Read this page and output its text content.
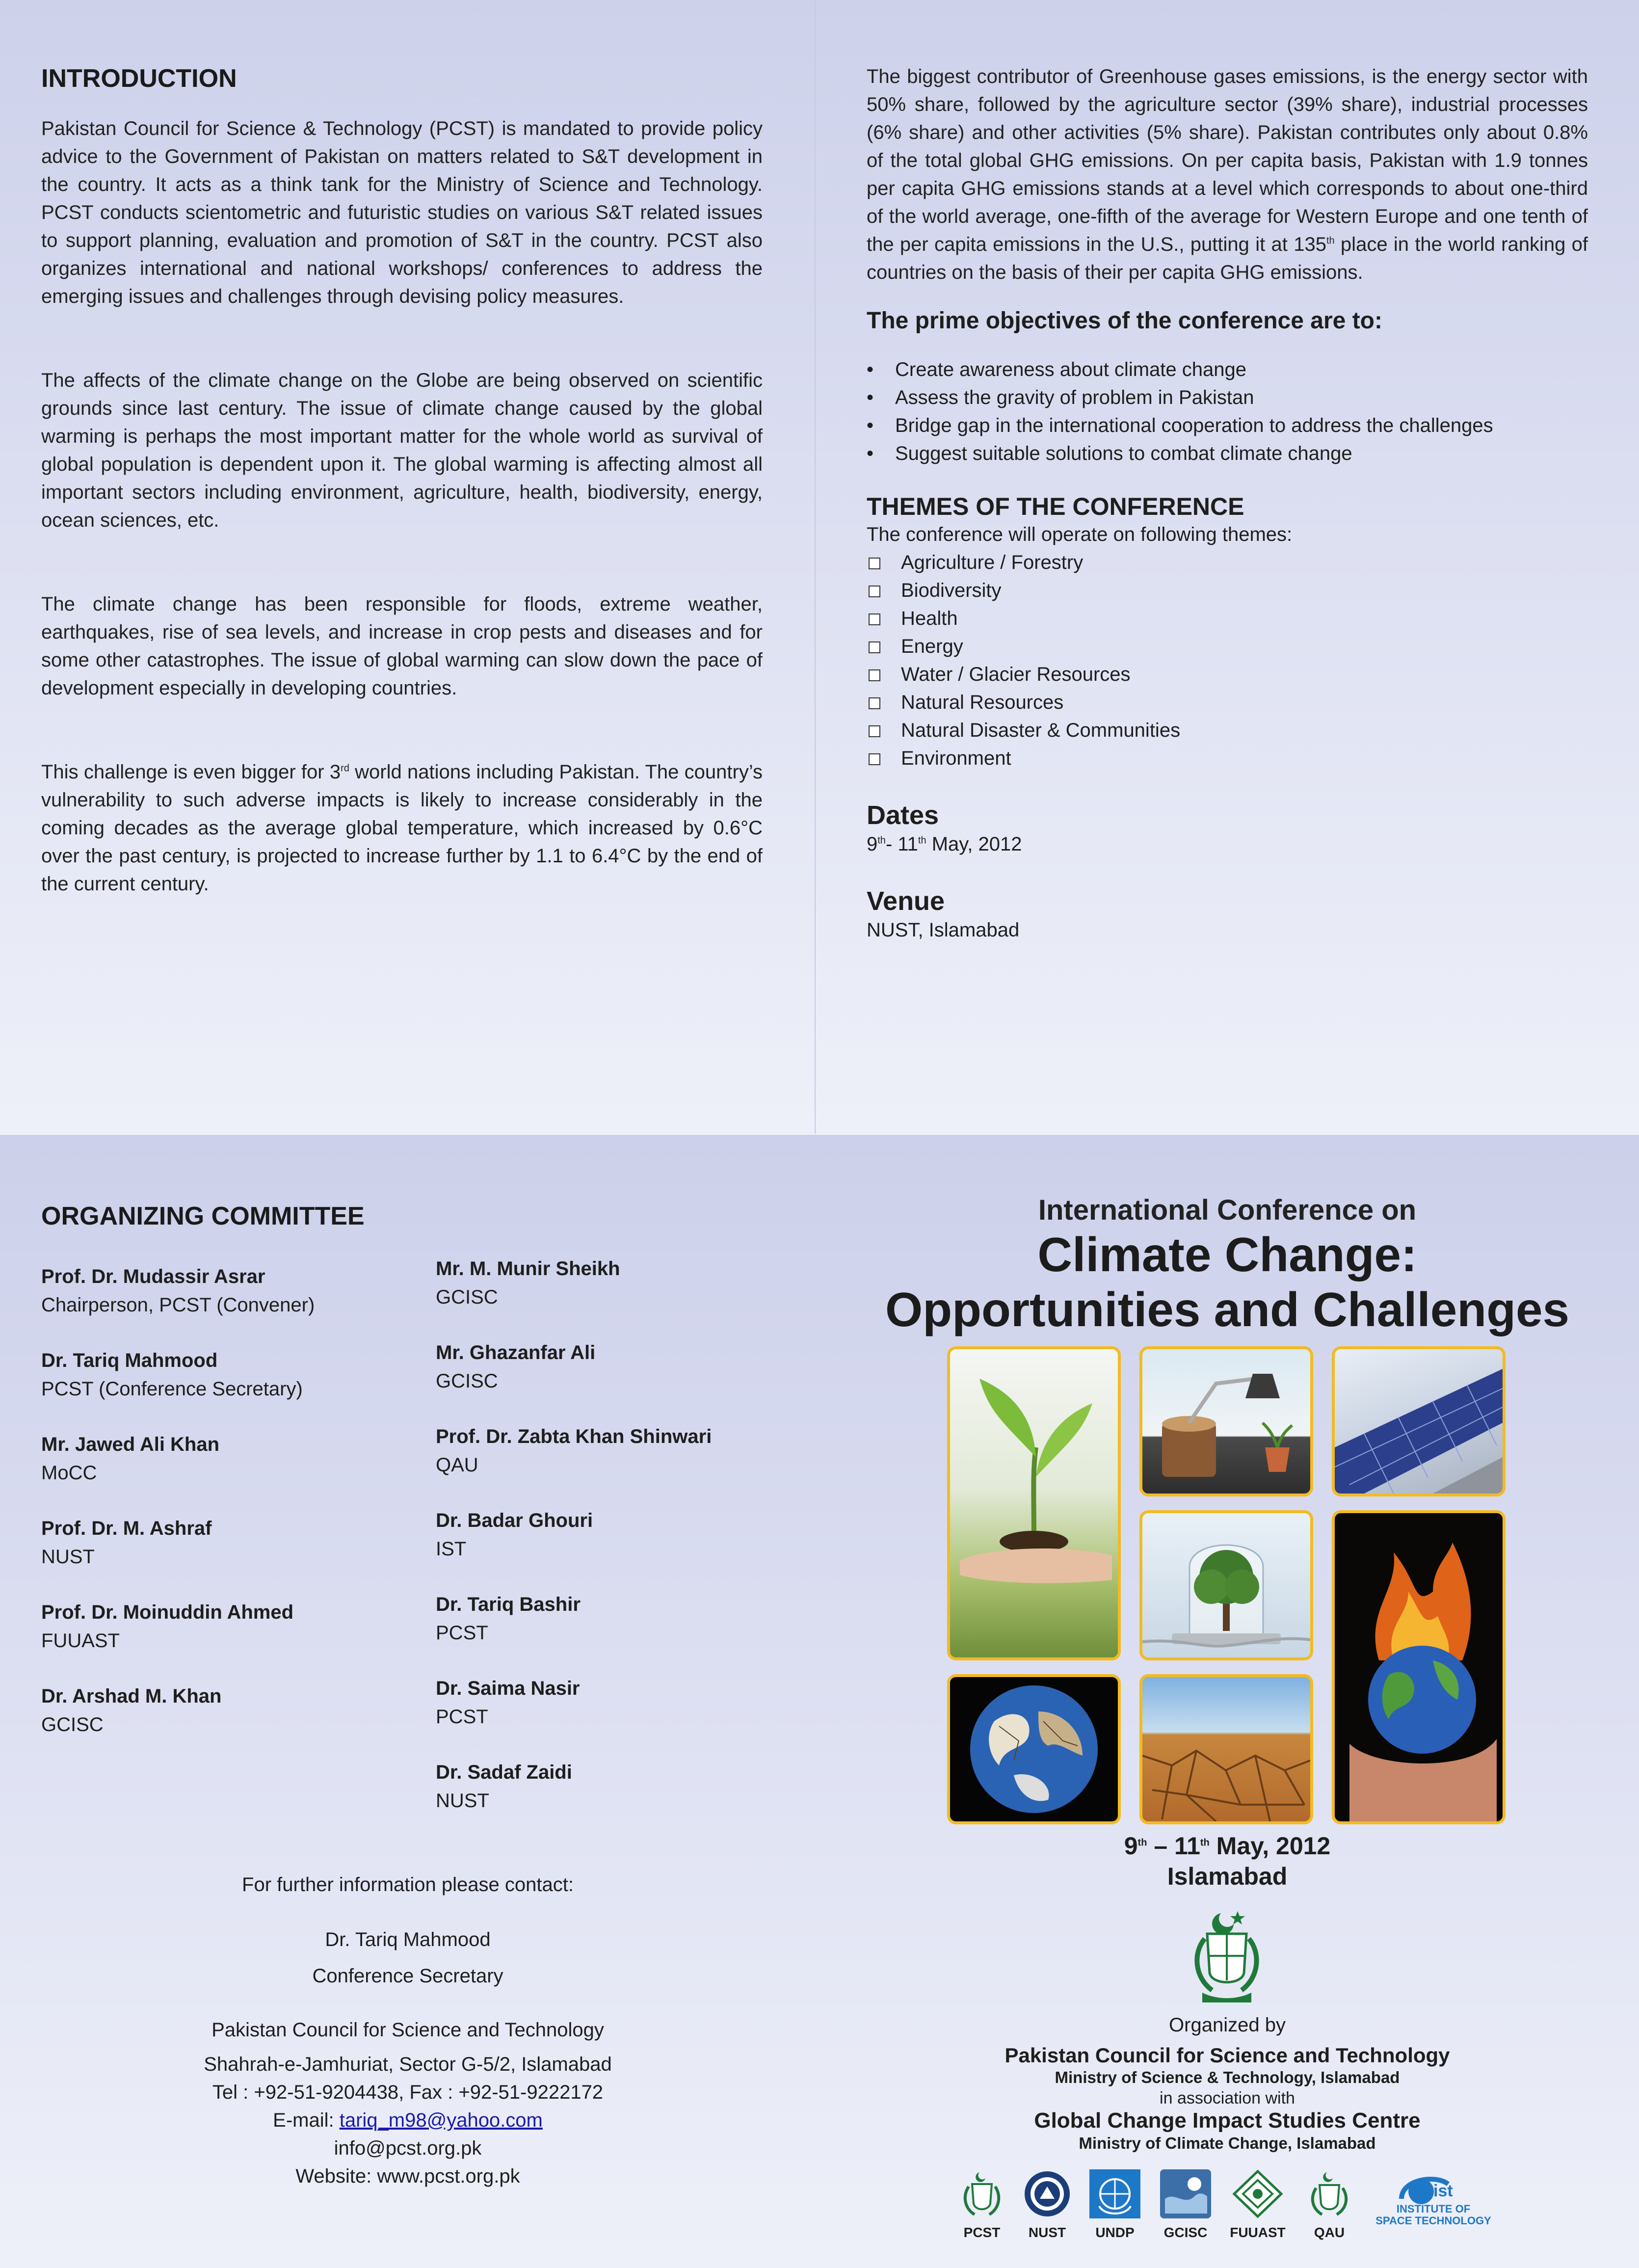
INTRODUCTION

Pakistan Council for Science & Technology (PCST) is mandated to provide policy advice to the Government of Pakistan on matters related to S&T development in the country. It acts as a think tank for the Ministry of Science and Technology. PCST conducts scientometric and futuristic studies on various S&T related issues to support planning, evaluation and promotion of S&T in the country. PCST also organizes international and national workshops/ conferences to address the emerging issues and challenges through devising policy measures.

The affects of the climate change on the Globe are being observed on scientific grounds since last century. The issue of climate change caused by the global warming is perhaps the most important matter for the whole world as survival of global population is dependent upon it. The global warming is affecting almost all important sectors including environment, agriculture, health, biodiversity, energy, ocean sciences, etc.

The climate change has been responsible for floods, extreme weather, earthquakes, rise of sea levels, and increase in crop pests and diseases and for some other catastrophes. The issue of global warming can slow down the pace of development especially in developing countries.

This challenge is even bigger for 3rd world nations including Pakistan. The country’s vulnerability to such adverse impacts is likely to increase considerably in the coming decades as the average global temperature, which increased by 0.6°C over the past century, is projected to increase further by 1.1 to 6.4°C by the end of the current century.

The biggest contributor of Greenhouse gases emissions, is the energy sector with 50% share, followed by the agriculture sector (39% share), industrial processes (6% share) and other activities (5% share). Pakistan contributes only about 0.8% of the total global GHG emissions. On per capita basis, Pakistan with 1.9 tonnes per capita GHG emissions stands at a level which corresponds to about one-third of the world average, one-fifth of the average for Western Europe and one tenth of the per capita emissions in the U.S., putting it at 135th place in the world ranking of countries on the basis of their per capita GHG emissions.

The prime objectives of the conference are to:
• Create awareness about climate change
• Assess the gravity of problem in Pakistan
• Bridge gap in the international cooperation to address the challenges
• Suggest suitable solutions to combat climate change
THEMES OF THE CONFERENCE

The conference will operate on following themes:

Agriculture / Forestry
Biodiversity
Health
Energy
Water / Glacier Resources
Natural Resources
Natural Disaster & Communities
Environment
Dates

9th- 11th May, 2012

Venue

NUST, Islamabad

ORGANIZING COMMITTEE
Prof. Dr. Mudassir Asrar
Chairperson, PCST (Convener)
Dr. Tariq Mahmood
PCST (Conference Secretary)
Mr. Jawed Ali Khan
MoCC
Prof. Dr. M. Ashraf
NUST
Prof. Dr. Moinuddin Ahmed
FUUAST
Dr. Arshad M. Khan
GCISC
Mr. M. Munir Sheikh
GCISC
Mr. Ghazanfar Ali
GCISC
Prof. Dr. Zabta Khan Shinwari
QAU
Dr. Badar Ghouri
IST
Dr. Tariq Bashir
PCST
Dr. Saima Nasir
PCST
Dr. Sadaf Zaidi
NUST
For further information please contact:
Dr. Tariq Mahmood
Conference Secretary
Pakistan Council for Science and Technology
Shahrah-e-Jamhuriat, Sector G-5/2, Islamabad
Tel : +92-51-9204438, Fax : +92-51-9222172
E-mail: tariq_m98@yahoo.com
info@pcst.org.pk
Website: www.pcst.org.pk
International Conference on
Climate Change:
Opportunities and Challenges
9th – 11th May, 2012
Islamabad
Organized by
Pakistan Council for Science and Technology
Ministry of Science & Technology, Islamabad
in association with
Global Change Impact Studies Centre
Ministry of Climate Change, Islamabad
PCST	NUST	UNDP	GCISC	FUUAST	QAU
ist
INSTITUTE OF
SPACE TECHNOLOGY
